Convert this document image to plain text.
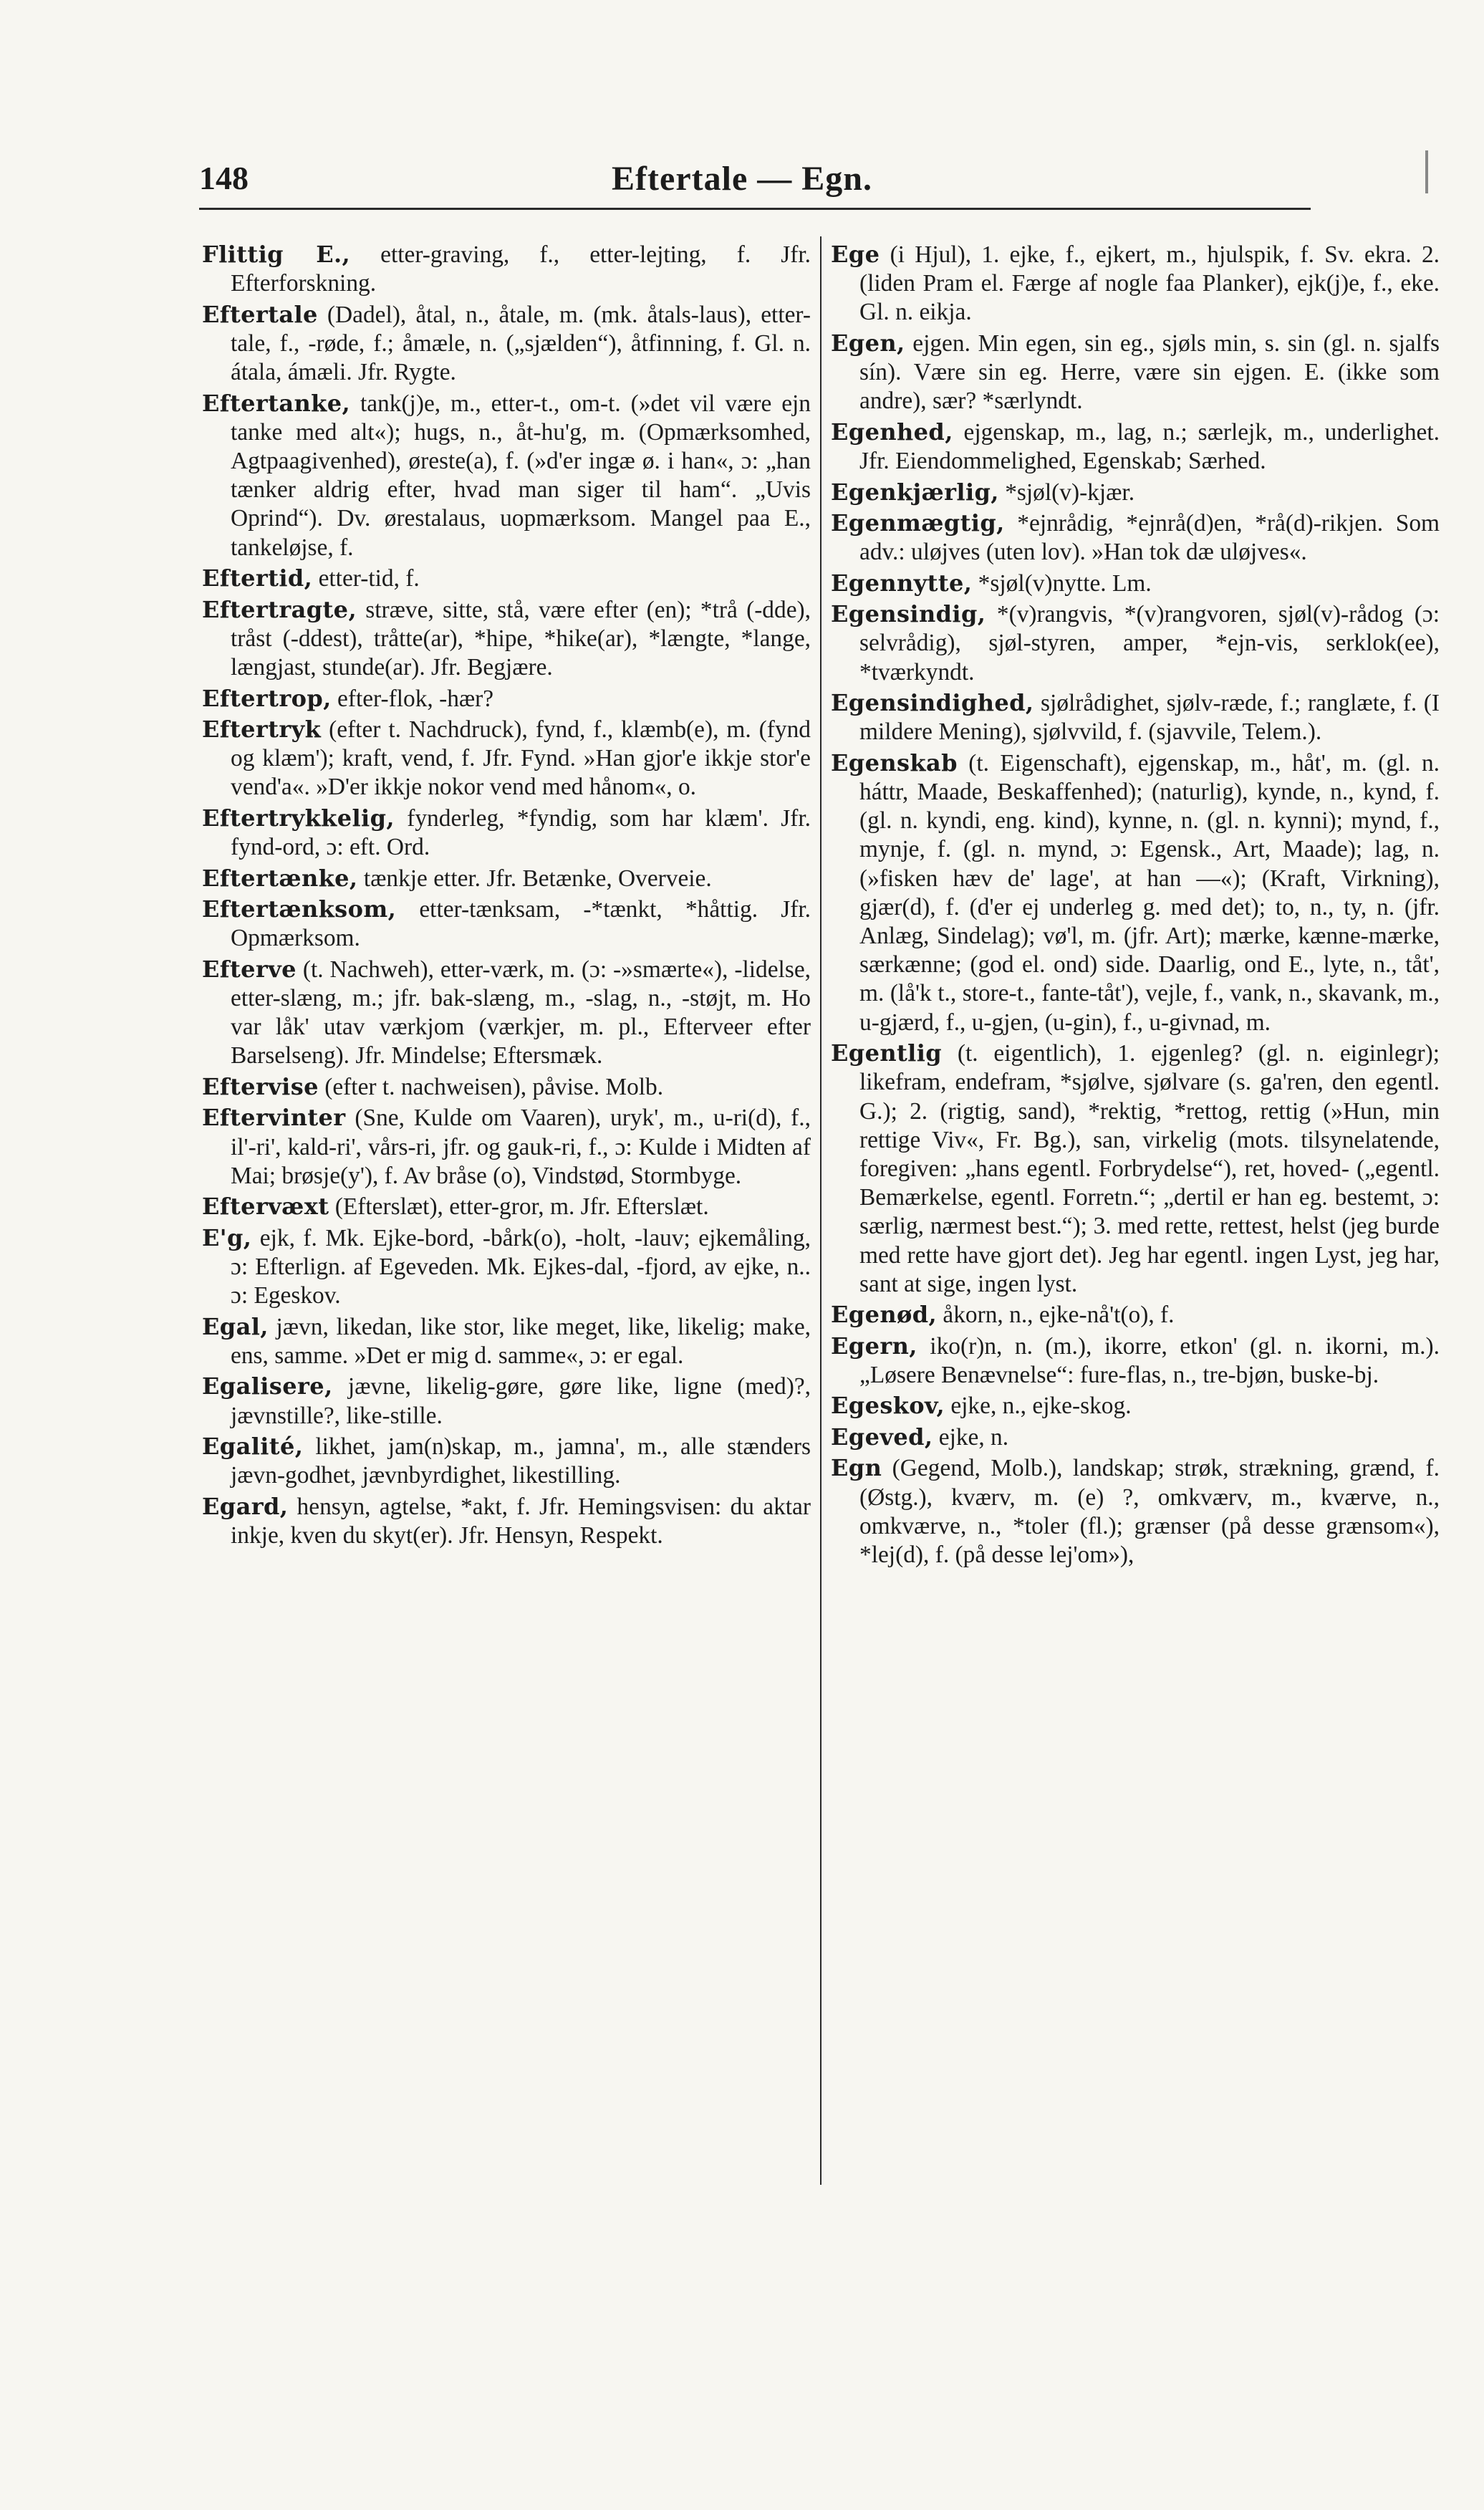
148	Eftertale — Egn.

Flittig E., etter-graving, f., etter-lejting, f. Jfr. Efterforskning.

Eftertale (Dadel), åtal, n., åtale, m. (mk. åtals-laus), etter-tale, f., -røde, f.; åmæle, n. („sjælden“), åtfinning, f. Gl. n. átala, ámæli. Jfr. Rygte.

Eftertanke, tank(j)e, m., etter-t., om-t. (»det vil være ejn tanke med alt«); hugs, n., åt-hu'g, m. (Opmærksomhed, Agtpaagivenhed), øreste(a), f. (»d'er ingæ ø. i han«, ɔ: „han tænker aldrig efter, hvad man siger til ham“. „Uvis Oprind“). Dv. ørestalaus, uopmærksom. Mangel paa E., tankeløjse, f.

Eftertid, etter-tid, f.

Eftertragte, stræve, sitte, stå, være efter (en); *trå (-dde), tråst (-ddest), tråtte(ar), *hipe, *hike(ar), *længte, *lange, længjast, stunde(ar). Jfr. Begjære.

Eftertrop, efter-flok, -hær?

Eftertryk (efter t. Nachdruck), fynd, f., klæmb(e), m. (fynd og klæm'); kraft, vend, f. Jfr. Fynd. »Han gjor'e ikkje stor'e vend'a«. »D'er ikkje nokor vend med hånom«, o.

Eftertrykkelig, fynderleg, *fyndig, som har klæm'. Jfr. fynd-ord, ɔ: eft. Ord.

Eftertænke, tænkje etter. Jfr. Betænke, Overveie.

Eftertænksom, etter-tænksam, -*tænkt, *håttig. Jfr. Opmærksom.

Efterve (t. Nachweh), etter-værk, m. (ɔ: -»smærte«), -lidelse, etter-slæng, m.; jfr. bak-slæng, m., -slag, n., -støjt, m. Ho var låk' utav værkjom (værkjer, m. pl., Efterveer efter Barselseng). Jfr. Mindelse; Eftersmæk.

Eftervise (efter t. nachweisen), påvise. Molb.

Eftervinter (Sne, Kulde om Vaaren), uryk', m., u-ri(d), f., il'-ri', kald-ri', vårs-ri, jfr. og gauk-ri, f., ɔ: Kulde i Midten af Mai; brøsje(y'), f. Av bråse (o), Vindstød, Stormbyge.

Eftervæxt (Efterslæt), etter-gror, m. Jfr. Efterslæt.

E'g, ejk, f. Mk. Ejke-bord, -bårk(o), -holt, -lauv; ejkemåling, ɔ: Efterlign. af Egeveden. Mk. Ejkes-dal, -fjord, av ejke, n.. ɔ: Egeskov.

Egal, jævn, likedan, like stor, like meget, like, likelig; make, ens, samme. »Det er mig d. samme«, ɔ: er egal.

Egalisere, jævne, likelig-gøre, gøre like, ligne (med)?, jævnstille?, like-stille.

Egalité, likhet, jam(n)skap, m., jamna', m., alle stænders jævn-godhet, jævnbyrdighet, likestilling.

Egard, hensyn, agtelse, *akt, f. Jfr. Hemingsvisen: du aktar inkje, kven du skyt(er). Jfr. Hensyn, Respekt.

Ege (i Hjul), 1. ejke, f., ejkert, m., hjulspik, f. Sv. ekra. 2. (liden Pram el. Færge af nogle faa Planker), ejk(j)e, f., eke. Gl. n. eikja.

Egen, ejgen. Min egen, sin eg., sjøls min, s. sin (gl. n. sjalfs sín). Være sin eg. Herre, være sin ejgen. E. (ikke som andre), sær? *særlyndt.

Egenhed, ejgenskap, m., lag, n.; særlejk, m., underlighet. Jfr. Eiendommelighed, Egenskab; Særhed.

Egenkjærlig, *sjøl(v)-kjær.

Egenmægtig, *ejnrådig, *ejnrå(d)en, *rå(d)-rikjen. Som adv.: uløjves (uten lov). »Han tok dæ uløjves«.

Egennytte, *sjøl(v)nytte. Lm.

Egensindig, *(v)rangvis, *(v)rangvoren, sjøl(v)-rådog (ɔ: selvrådig), sjøl-styren, amper, *ejn-vis, serklok(ee), *tværkyndt.

Egensindighed, sjølrådighet, sjølv-ræde, f.; ranglæte, f. (I mildere Mening), sjølvvild, f. (sjavvile, Telem.).

Egenskab (t. Eigenschaft), ejgenskap, m., håt', m. (gl. n. háttr, Maade, Beskaffenhed); (naturlig), kynde, n., kynd, f. (gl. n. kyndi, eng. kind), kynne, n. (gl. n. kynni); mynd, f., mynje, f. (gl. n. mynd, ɔ: Egensk., Art, Maade); lag, n. (»fisken hæv de' lage', at han —«); (Kraft, Virkning), gjær(d), f. (d'er ej underleg g. med det); to, n., ty, n. (jfr. Anlæg, Sindelag); vø'l, m. (jfr. Art); mærke, kænne-mærke, særkænne; (god el. ond) side. Daarlig, ond E., lyte, n., tåt', m. (lå'k t., store-t., fante-tåt'), vejle, f., vank, n., skavank, m., u-gjærd, f., u-gjen, (u-gin), f., u-givnad, m.

Egentlig (t. eigentlich), 1. ejgenleg? (gl. n. eiginlegr); likefram, endefram, *sjølve, sjølvare (s. ga'ren, den egentl. G.); 2. (rigtig, sand), *rektig, *rettog, rettig (»Hun, min rettige Viv«, Fr. Bg.), san, virkelig (mots. tilsynelatende, foregiven: „hans egentl. Forbrydelse“), ret, hoved- („egentl. Bemærkelse, egentl. Forretn.“; „dertil er han eg. bestemt, ɔ: særlig, nærmest best.“); 3. med rette, rettest, helst (jeg burde med rette have gjort det). Jeg har egentl. ingen Lyst, jeg har, sant at sige, ingen lyst.

Egenød, åkorn, n., ejke-nå't(o), f.

Egern, iko(r)n, n. (m.), ikorre, etkon' (gl. n. ikorni, m.). „Løsere Benævnelse“: fure-flas, n., tre-bjøn, buske-bj.

Egeskov, ejke, n., ejke-skog.

Egeved, ejke, n.

Egn (Gegend, Molb.), landskap; strøk, strækning, grænd, f. (Østg.), kværv, m. (e) ?, omkværv, m., kværve, n., omkværve, n., *toler (fl.); grænser (på desse grænsom«), *lej(d), f. (på desse lej'om»),
